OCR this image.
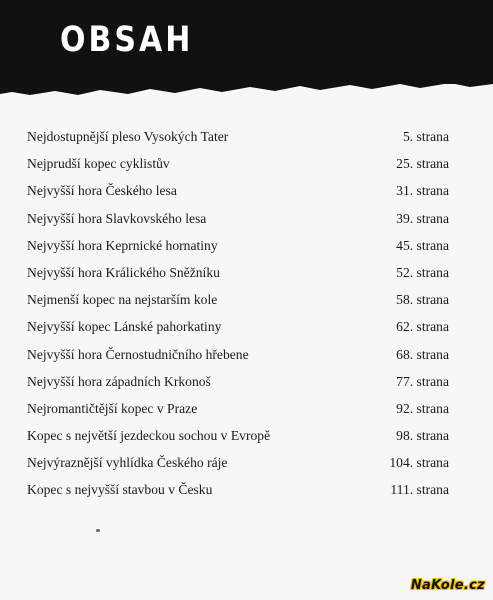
OBSAH
Nejdostupnější pleso Vysokých Tater	5. strana
Nejprudší kopec cyklistův	25. strana
Nejvyšší hora Českého lesa	31. strana
Nejvyšší hora Slavkovského lesa	39. strana
Nejvyšší hora Keprnické hornatiny	45. strana
Nejvyšší hora Králického Sněžníku	52. strana
Nejmenší kopec na nejstarším kole	58. strana
Nejvyšší kopec Lánské pahorkatiny	62. strana
Nejvyšší hora Černostudničního hřebene	68. strana
Nejvyšší hora západních Krkonoš	77. strana
Nejromantičtější kopec v Praze	92. strana
Kopec s největší jezdeckou sochou v Evropě	98. strana
Nejvýraznější vyhlídka Českého ráje	104. strana
Kopec s nejvyšší stavbou v Česku	111. strana
NaKole.cz
